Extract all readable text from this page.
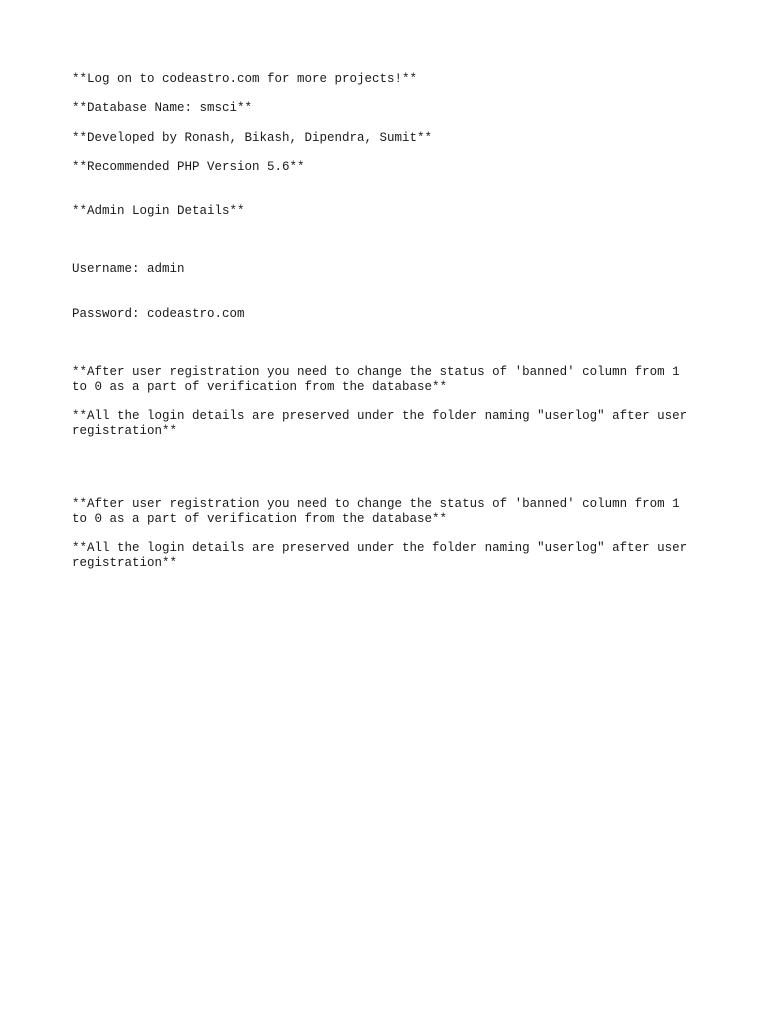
**Log on to codeastro.com for more projects!**

**Database Name: smsci**

**Developed by Ronash, Bikash, Dipendra, Sumit**

**Recommended PHP Version 5.6**

**Admin Login Details**

Username: admin

Password: codeastro.com

**After user registration you need to change the status of 'banned' column from 1 to 0 as a part of verification from the database**

**All the login details are preserved under the folder naming "userlog" after user registration**

**After user registration you need to change the status of 'banned' column from 1 to 0 as a part of verification from the database**

**All the login details are preserved under the folder naming "userlog" after user registration**
